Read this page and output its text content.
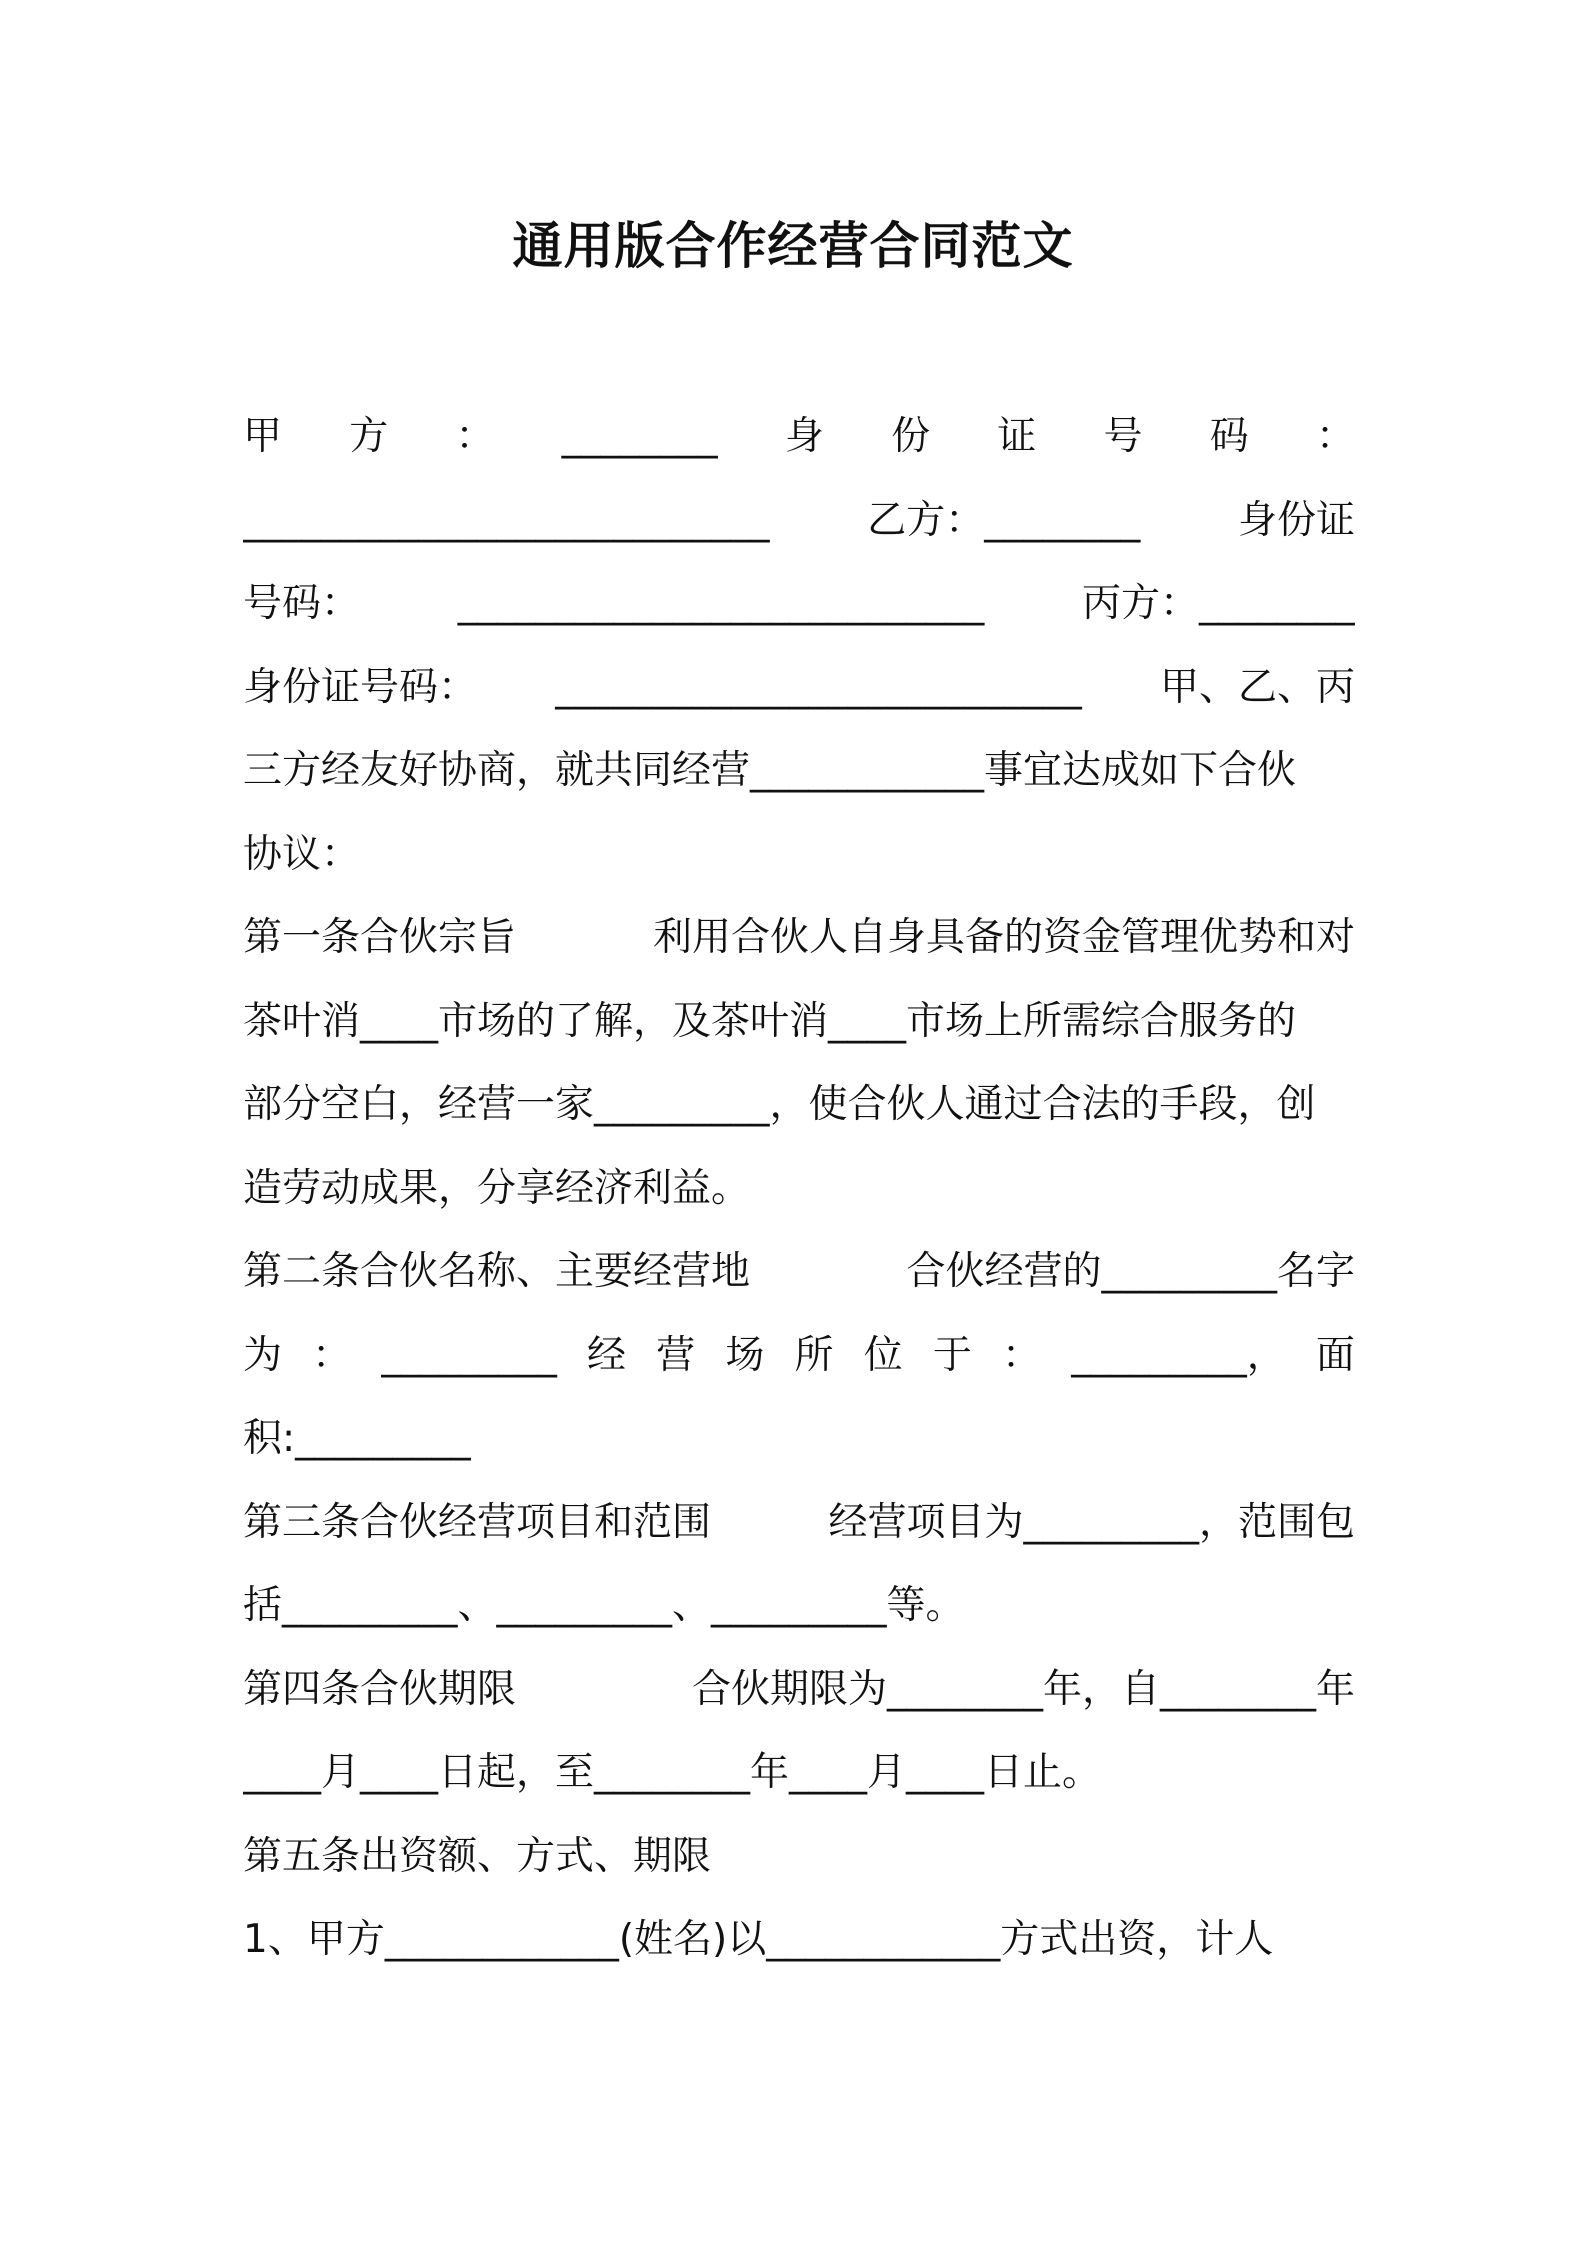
通用版合作经营合同范文
甲 方 ： ________ 身 份 证 号 码 ：
___________________________	乙方：________	身份证
号码：	___________________________	丙方：________
身份证号码： ___________________________ 甲、乙、丙
三方经友好协商，就共同经营____________事宜达成如下合伙
协议：
第一条合伙宗旨	利用合伙人自身具备的资金管理优势和对
茶叶消____市场的了解，及茶叶消____市场上所需综合服务的
部分空白，经营一家_________，使合伙人通过合法的手段，创
造劳动成果，分享经济利益。
第二条合伙名称、主要经营地	合伙经营的_________名字
为 ： _________ 经 营 场 所 位 于 ： _________， 面
积:_________
第三条合伙经营项目和范围	经营项目为_________，范围包
括_________、_________、_________等。
第四条合伙期限	合伙期限为________年，自________年
____月____日起，至________年____月____日止。
第五条出资额、方式、期限
1、甲方____________(姓名)以____________方式出资，计人
